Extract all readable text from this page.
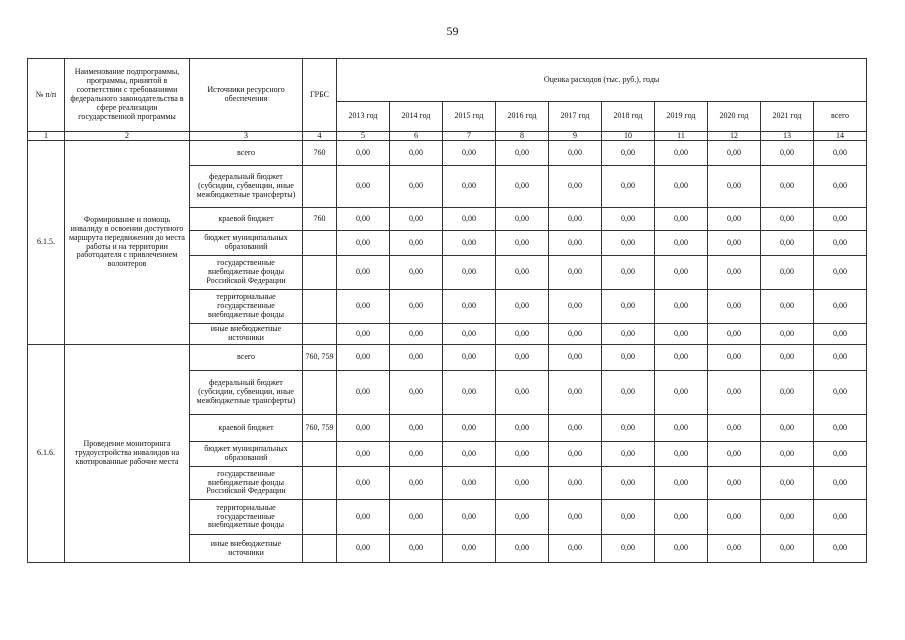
59
№ п/п	Наименование подпрограммы, программы, принятой в соответствии с требованиями федерального законодательства в сфере реализации государственной программы	Источники ресурсного обеспечения	ГРБС	Оценка расходов (тыс. руб.), годы									
				2013 год	2014 год	2015 год	2016 год	2017 год	2018 год	2019 год	2020 год	2021 год	всего
1	2	3	4	5	6	7	8	9	10	11	12	13	14
6.1.5.	Формирование и помощь инвалиду в освоении доступного маршрута передвижения до места работы и на территории работодателя с привлечением волонтеров	всего	760	0,00	0,00	0,00	0,00	0,00	0,00	0,00	0,00	0,00	0,00
		федеральный бюджет (субсидии, субвенции, иные межбюджетные трансферты)		0,00	0,00	0,00	0,00	0,00	0,00	0,00	0,00	0,00	0,00
		краевой бюджет	760	0,00	0,00	0,00	0,00	0,00	0,00	0,00	0,00	0,00	0,00
		бюджет муниципальных образований		0,00	0,00	0,00	0,00	0,00	0,00	0,00	0,00	0,00	0,00
		государственные внебюджетные фонды Российской Федерации		0,00	0,00	0,00	0,00	0,00	0,00	0,00	0,00	0,00	0,00
		территориальные государственные внебюджетные фонды		0,00	0,00	0,00	0,00	0,00	0,00	0,00	0,00	0,00	0,00
		иные внебюджетные источники		0,00	0,00	0,00	0,00	0,00	0,00	0,00	0,00	0,00	0,00
6.1.6.	Проведение мониторинга трудоустройства инвалидов на квотированные рабочие места	всего	760, 759	0,00	0,00	0,00	0,00	0,00	0,00	0,00	0,00	0,00	0,00
		федеральный бюджет (субсидии, субвенции, иные межбюджетные трансферты)		0,00	0,00	0,00	0,00	0,00	0,00	0,00	0,00	0,00	0,00
		краевой бюджет	760, 759	0,00	0,00	0,00	0,00	0,00	0,00	0,00	0,00	0,00	0,00
		бюджет муниципальных образований		0,00	0,00	0,00	0,00	0,00	0,00	0,00	0,00	0,00	0,00
		государственные внебюджетные фонды Российской Федерации		0,00	0,00	0,00	0,00	0,00	0,00	0,00	0,00	0,00	0,00
		территориальные государственные внебюджетные фонды		0,00	0,00	0,00	0,00	0,00	0,00	0,00	0,00	0,00	0,00
		иные внебюджетные источники		0,00	0,00	0,00	0,00	0,00	0,00	0,00	0,00	0,00	0,00
